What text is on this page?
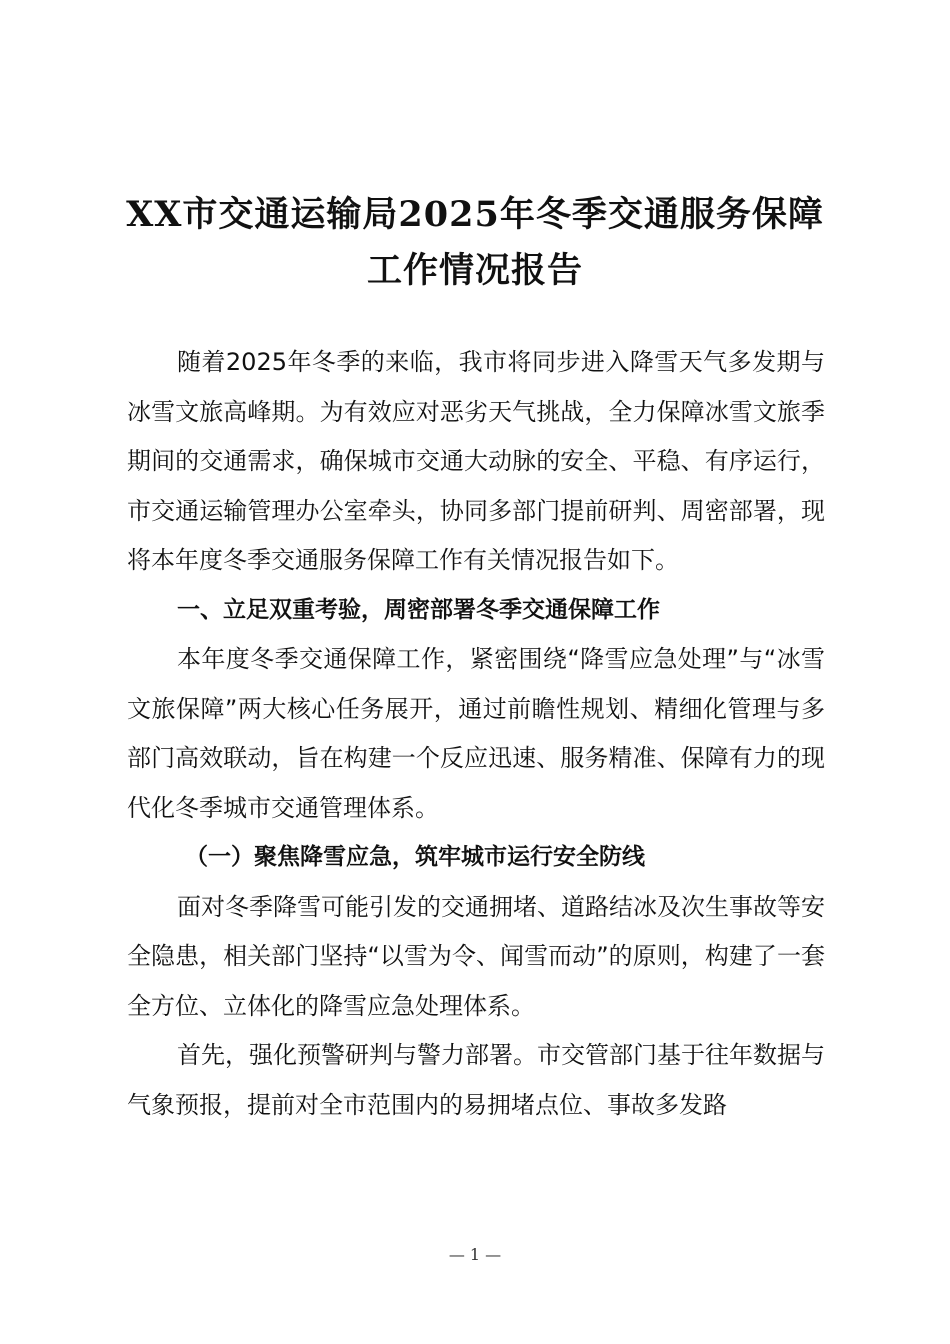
XX市交通运输局2025年冬季交通服务保障工作情况报告

随着2025年冬季的来临，我市将同步进入降雪天气多发期与冰雪文旅高峰期。为有效应对恶劣天气挑战，全力保障冰雪文旅季期间的交通需求，确保城市交通大动脉的安全、平稳、有序运行，市交通运输管理办公室牵头，协同多部门提前研判、周密部署，现将本年度冬季交通服务保障工作有关情况报告如下。

一、立足双重考验，周密部署冬季交通保障工作

本年度冬季交通保障工作，紧密围绕“降雪应急处理”与“冰雪文旅保障”两大核心任务展开，通过前瞻性规划、精细化管理与多部门高效联动，旨在构建一个反应迅速、服务精准、保障有力的现代化冬季城市交通管理体系。

（一）聚焦降雪应急，筑牢城市运行安全防线

面对冬季降雪可能引发的交通拥堵、道路结冰及次生事故等安全隐患，相关部门坚持“以雪为令、闻雪而动”的原则，构建了一套全方位、立体化的降雪应急处理体系。

首先，强化预警研判与警力部署。市交管部门基于往年数据与气象预报，提前对全市范围内的易拥堵点位、事故多发路

— 1 —
